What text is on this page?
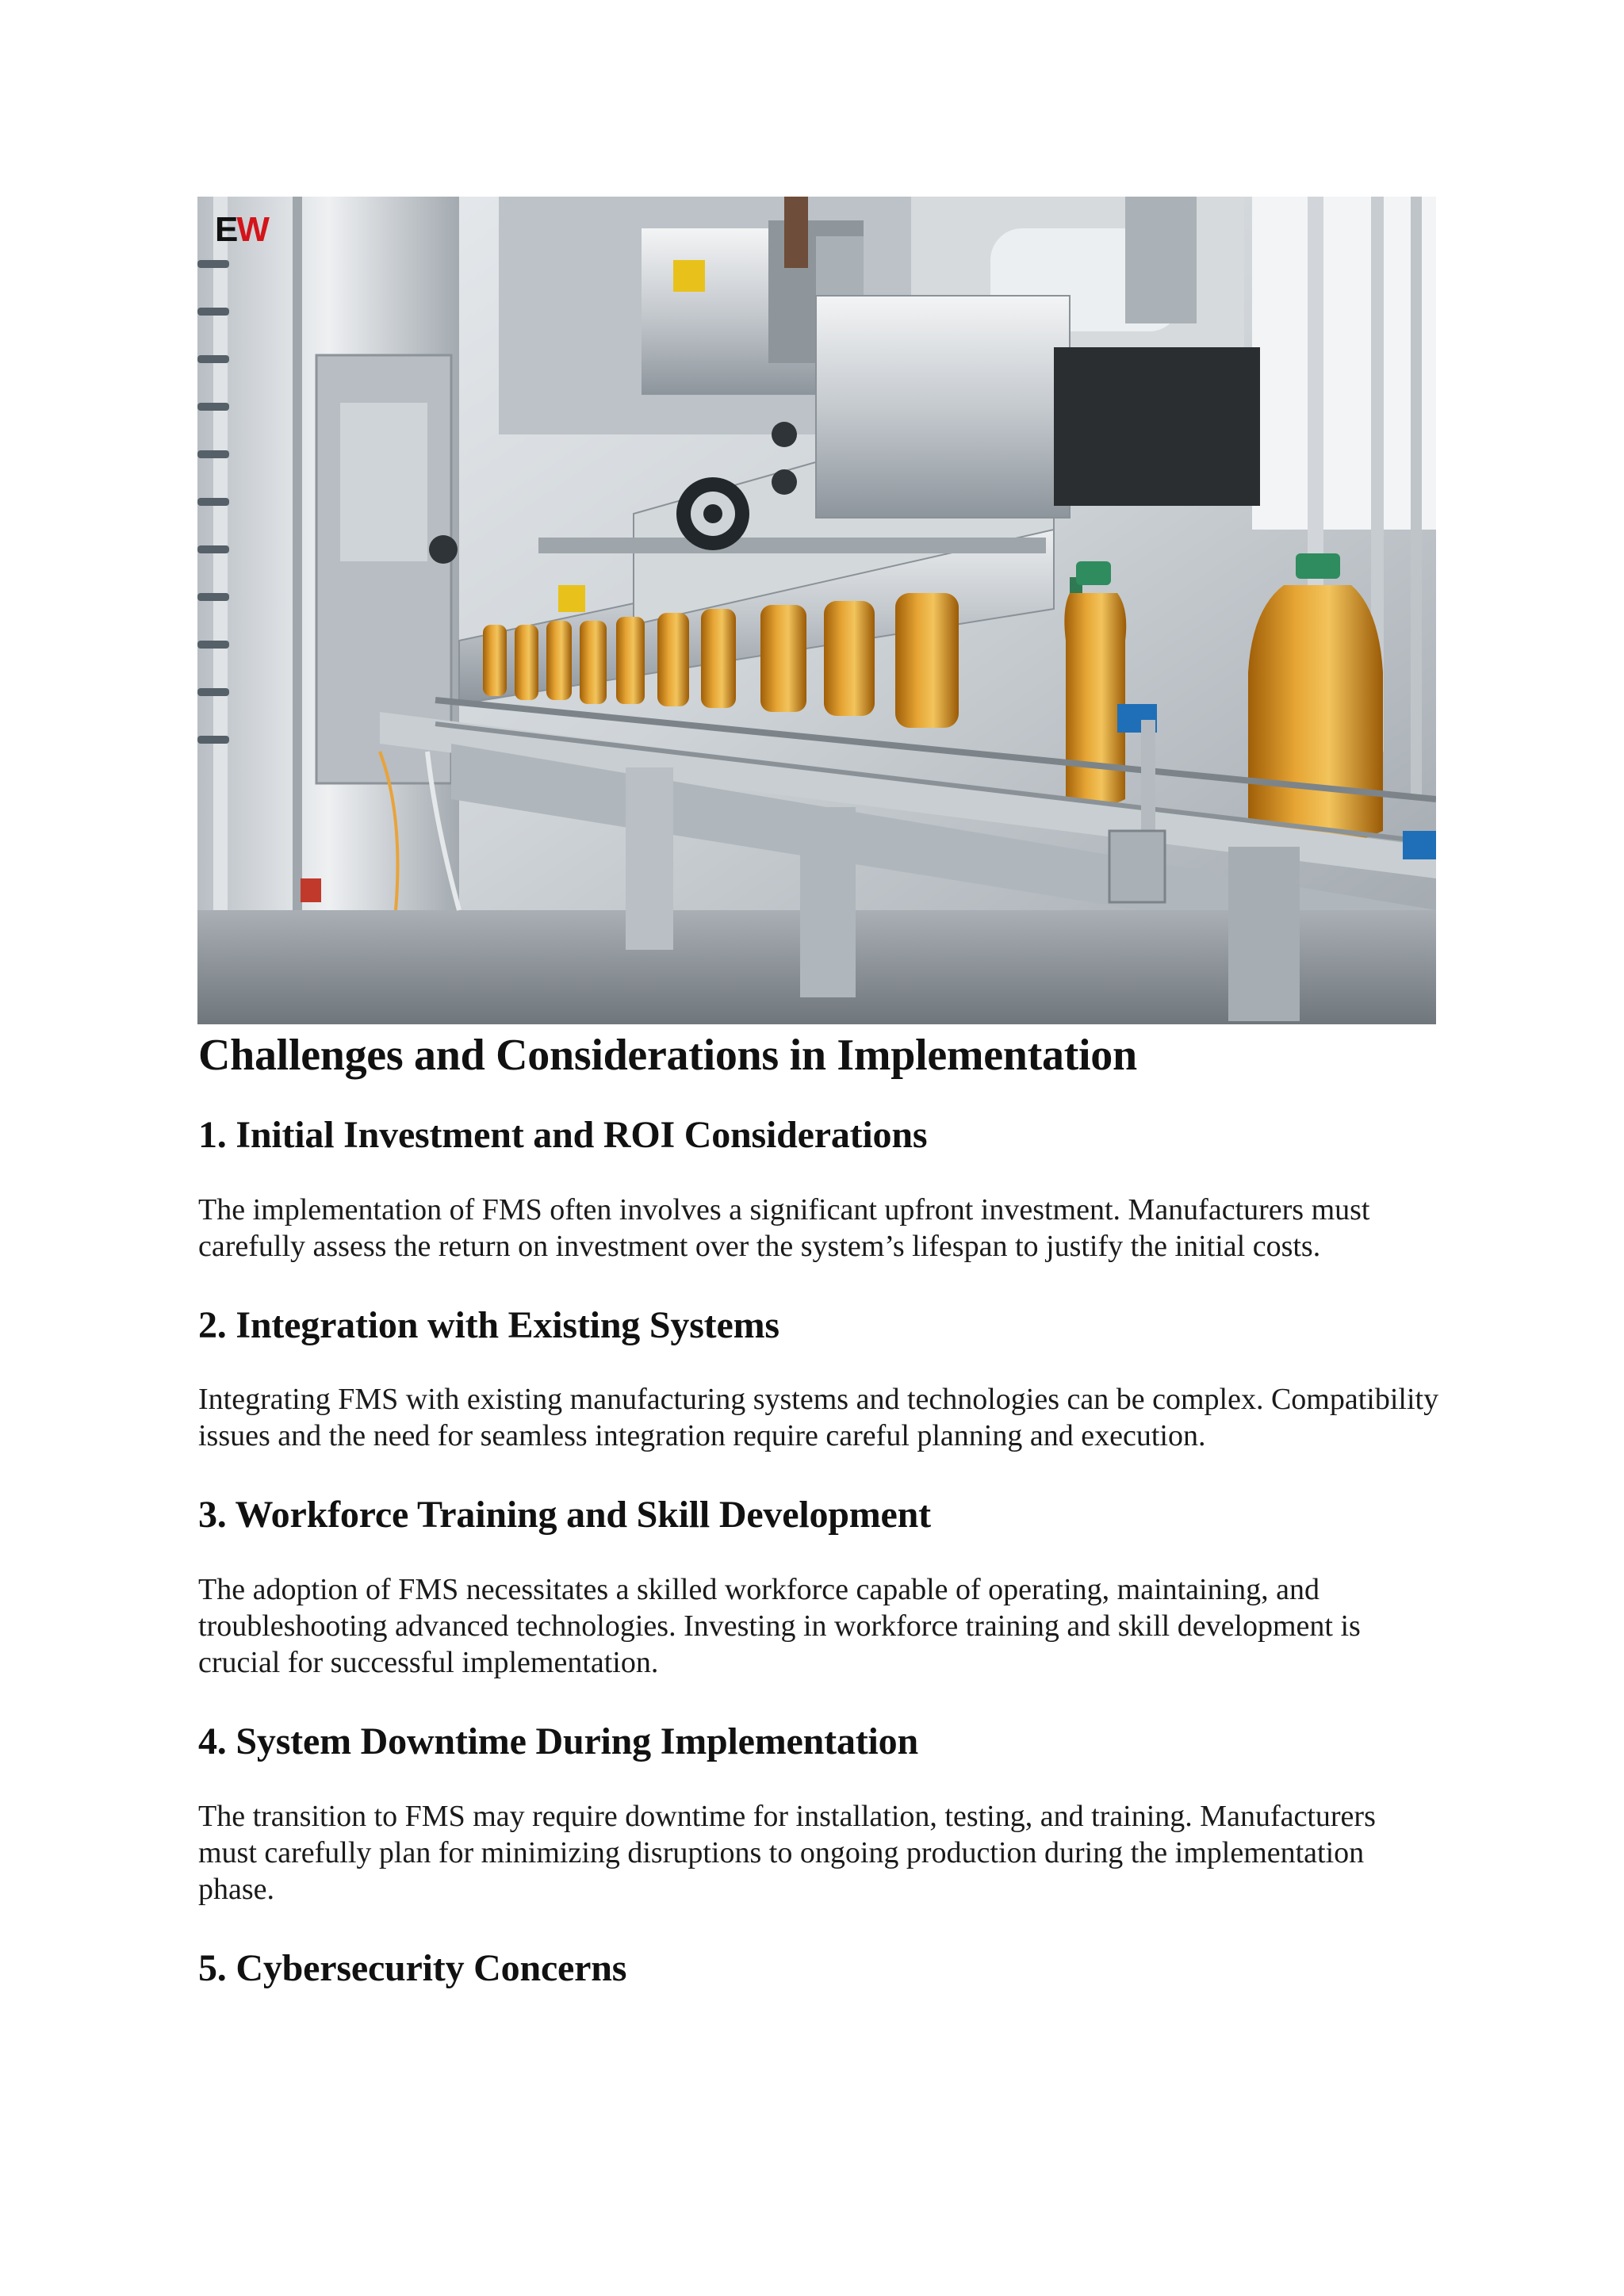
EW
Challenges and Considerations in Implementation
1. Initial Investment and ROI Considerations

The implementation of FMS often involves a significant upfront investment. Manufacturers must carefully assess the return on investment over the system’s lifespan to justify the initial costs.

2. Integration with Existing Systems

Integrating FMS with existing manufacturing systems and technologies can be complex. Compatibility issues and the need for seamless integration require careful planning and execution.

3. Workforce Training and Skill Development

The adoption of FMS necessitates a skilled workforce capable of operating, maintaining, and troubleshooting advanced technologies. Investing in workforce training and skill development is crucial for successful implementation.

4. System Downtime During Implementation

The transition to FMS may require downtime for installation, testing, and training. Manufacturers must carefully plan for minimizing disruptions to ongoing production during the implementation phase.

5. Cybersecurity Concerns
